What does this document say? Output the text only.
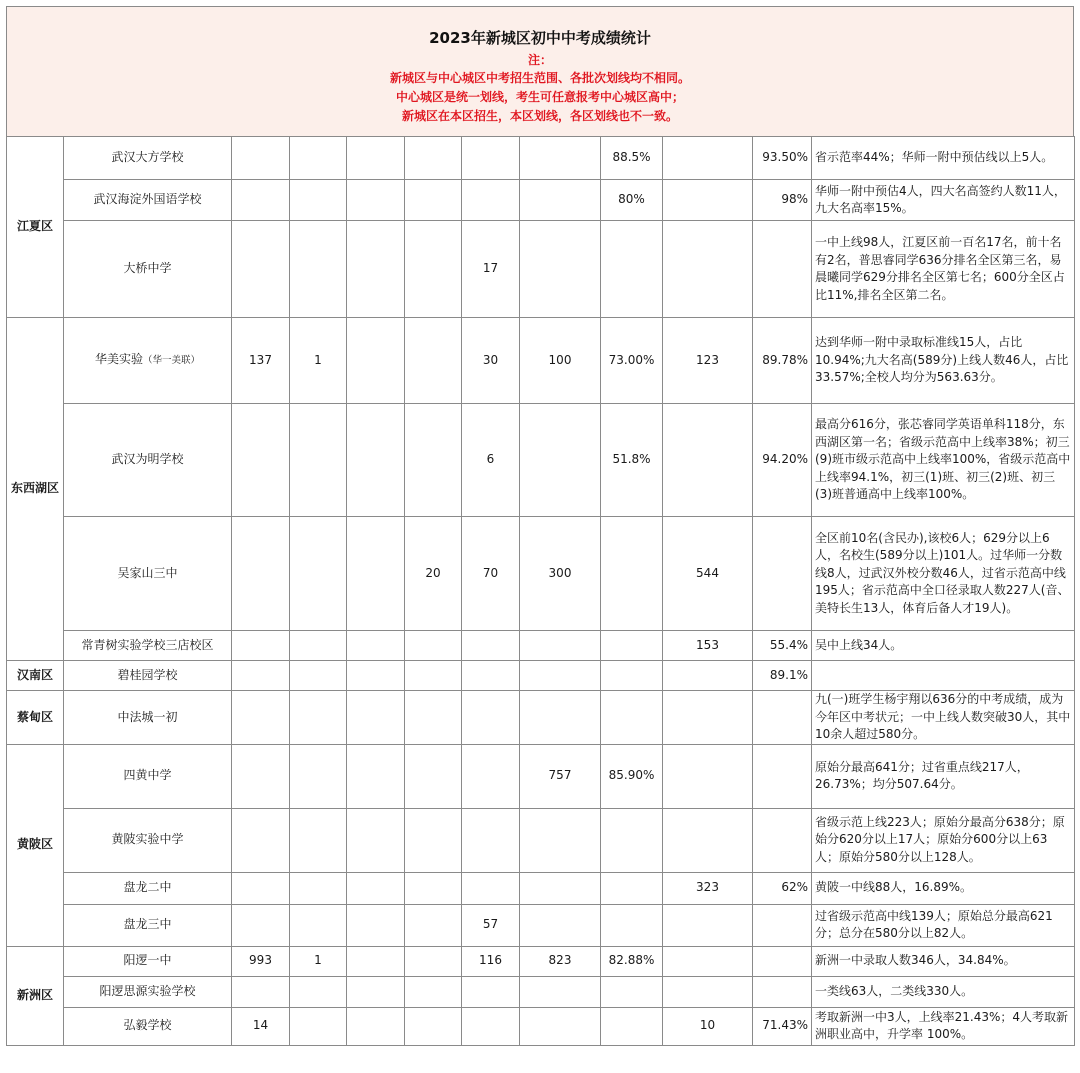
2023年新城区初中中考成绩统计
注：
新城区与中心城区中考招生范围、各批次划线均不相同。
中心城区是统一划线，考生可任意报考中心城区高中；
新城区在本区招生，本区划线，各区划线也不一致。
江夏区	武汉大方学校							88.5%		93.50%	省示范率44%；华师一附中预估线以上5人。
	武汉海淀外国语学校							80%		98%	华师一附中预估4人，四大名高签约人数11人，九大名高率15%。
	大桥中学					17					一中上线98人，江夏区前一百名17名，前十名有2名，普思睿同学636分排名全区第三名，易晨曦同学629分排名全区第七名；600分全区占比11%,排名全区第二名。
东西湖区	华美实验（华一美联）	137	1			30	100	73.00%	123	89.78%	达到华师一附中录取标准线15人，占比10.94%;九大名高(589分)上线人数46人，占比33.57%;全校人均分为563.63分。
	武汉为明学校					6		51.8%		94.20%	最高分616分，张芯睿同学英语单科118分，东西湖区第一名；省级示范高中上线率38%；初三(9)班市级示范高中上线率100%，省级示范高中上线率94.1%，初三(1)班、初三(2)班、初三(3)班普通高中上线率100%。
	吴家山三中				20	70	300		544		全区前10名(含民办),该校6人；629分以上6人，名校生(589分以上)101人。过华师一分数线8人，过武汉外校分数46人，过省示范高中线195人；省示范高中全口径录取人数227人(音、美特长生13人，体育后备人才19人)。
	常青树实验学校三店校区								153	55.4%	吴中上线34人。
汉南区	碧桂园学校									89.1%	
蔡甸区	中法城一初										九(一)班学生杨宇翔以636分的中考成绩，成为今年区中考状元；一中上线人数突破30人，其中10余人超过580分。
黄陂区	四黄中学						757	85.90%			原始分最高641分；过省重点线217人，26.73%；均分507.64分。
	黄陂实验中学										省级示范上线223人；原始分最高分638分；原始分620分以上17人；原始分600分以上63人；原始分580分以上128人。
	盘龙二中								323	62%	黄陂一中线88人，16.89%。
	盘龙三中					57					过省级示范高中线139人；原始总分最高621分；总分在580分以上82人。
新洲区	阳逻一中	993	1			116	823	82.88%			新洲一中录取人数346人，34.84%。
	阳逻思源实验学校										一类线63人，二类线330人。
	弘毅学校	14							10	71.43%	考取新洲一中3人，上线率21.43%；4人考取新洲职业高中，升学率 100%。
